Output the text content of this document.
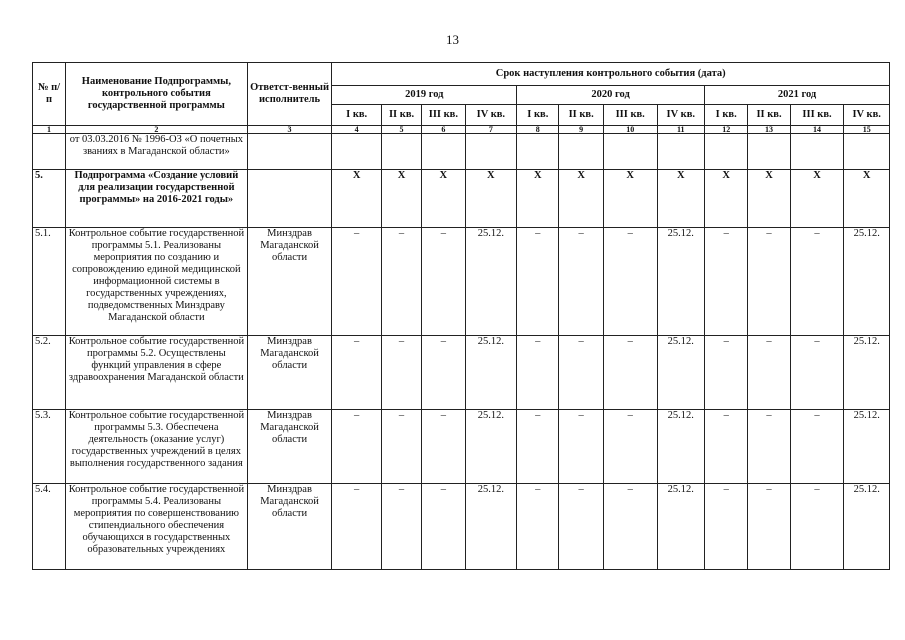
13
№ п/п	Наименование Подпрограммы, контрольного события государственной программы	Ответст-венный исполнитель	Срок наступления контрольного события (дата)											
			2019 год				2020 год				2021 год			
			I кв.	II кв.	III кв.	IV кв.	I кв.	II кв.	III кв.	IV кв.	I кв.	II кв.	III кв.	IV кв.
1	2	3	4	5	6	7	8	9	10	11	12	13	14	15
	от 03.03.2016 № 1996-ОЗ «О почетных званиях в Магаданской области»													
5.	Подпрограмма «Создание условий для реализации государственной программы» на 2016-2021 годы»		X	X	X	X	X	X	X	X	X	X	X	X
5.1.	Контрольное событие государственной программы 5.1. Реализованы мероприятия по созданию и сопровождению единой медицинской информационной системы в государственных учреждениях, подведомственных Минздраву Магаданской области	Минздрав Магаданской области	–	–	–	25.12.	–	–	–	25.12.	–	–	–	25.12.
5.2.	Контрольное событие государственной программы 5.2. Осуществлены функций управления в сфере здравоохранения Магаданской области	Минздрав Магаданской области	–	–	–	25.12.	–	–	–	25.12.	–	–	–	25.12.
5.3.	Контрольное событие государственной программы 5.3. Обеспечена деятельность (оказание услуг) государственных учреждений в целях выполнения государственного задания	Минздрав Магаданской области	–	–	–	25.12.	–	–	–	25.12.	–	–	–	25.12.
5.4.	Контрольное событие государственной программы 5.4. Реализованы мероприятия по совершенствованию стипендиального обеспечения обучающихся в государственных образовательных учреждениях	Минздрав Магаданской области	–	–	–	25.12.	–	–	–	25.12.	–	–	–	25.12.
